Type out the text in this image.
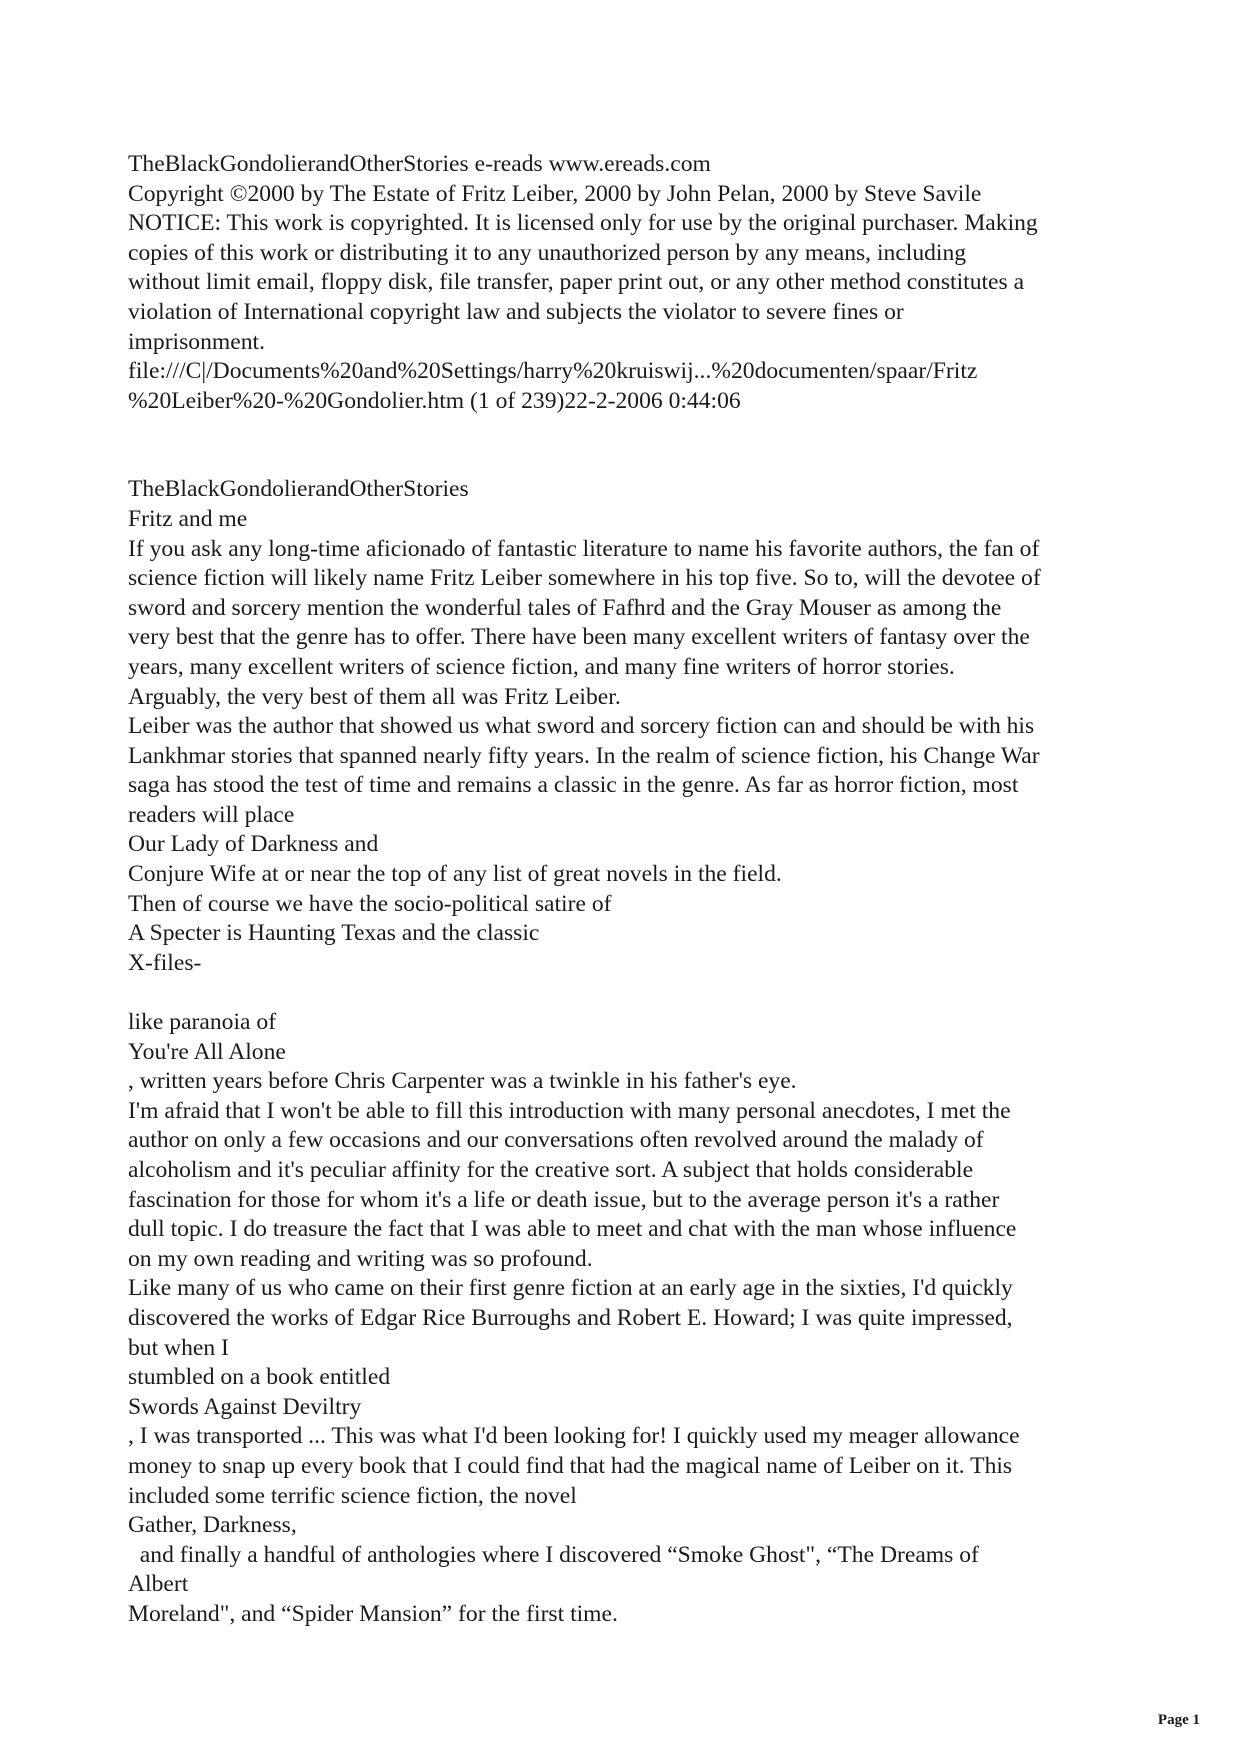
TheBlackGondolierandOtherStories e-reads www.ereads.com
Copyright ©2000 by The Estate of Fritz Leiber, 2000 by John Pelan, 2000 by Steve Savile
NOTICE: This work is copyrighted. It is licensed only for use by the original purchaser. Making
copies of this work or distributing it to any unauthorized person by any means, including
without limit email, floppy disk, file transfer, paper print out, or any other method constitutes a
violation of International copyright law and subjects the violator to severe fines or
imprisonment.
file:///C|/Documents%20and%20Settings/harry%20kruiswij...%20documenten/spaar/Fritz
%20Leiber%20-%20Gondolier.htm (1 of 239)22-2-2006 0:44:06
TheBlackGondolierandOtherStories
Fritz and me
If you ask any long-time aficionado of fantastic literature to name his favorite authors, the fan of
science fiction will likely name Fritz Leiber somewhere in his top five. So to, will the devotee of
sword and sorcery mention the wonderful tales of Fafhrd and the Gray Mouser as among the
very best that the genre has to offer. There have been many excellent writers of fantasy over the
years, many excellent writers of science fiction, and many fine writers of horror stories.
Arguably, the very best of them all was Fritz Leiber.
Leiber was the author that showed us what sword and sorcery fiction can and should be with his
Lankhmar stories that spanned nearly fifty years. In the realm of science fiction, his Change War
saga has stood the test of time and remains a classic in the genre. As far as horror fiction, most
readers will place
Our Lady of Darkness and
Conjure Wife at or near the top of any list of great novels in the field.
Then of course we have the socio-political satire of
A Specter is Haunting Texas and the classic
X-files-
like paranoia of
You're All Alone
, written years before Chris Carpenter was a twinkle in his father's eye.
I'm afraid that I won't be able to fill this introduction with many personal anecdotes, I met the
author on only a few occasions and our conversations often revolved around the malady of
alcoholism and it's peculiar affinity for the creative sort. A subject that holds considerable
fascination for those for whom it's a life or death issue, but to the average person it's a rather
dull topic. I do treasure the fact that I was able to meet and chat with the man whose influence
on my own reading and writing was so profound.
Like many of us who came on their first genre fiction at an early age in the sixties, I'd quickly
discovered the works of Edgar Rice Burroughs and Robert E. Howard; I was quite impressed,
but when I
stumbled on a book entitled
Swords Against Deviltry
, I was transported ... This was what I'd been looking for! I quickly used my meager allowance
money to snap up every book that I could find that had the magical name of Leiber on it. This
included some terrific science fiction, the novel
Gather, Darkness,
and finally a handful of anthologies where I discovered “Smoke Ghost", “The Dreams of
Albert
Moreland", and “Spider Mansion” for the first time.
Page 1
